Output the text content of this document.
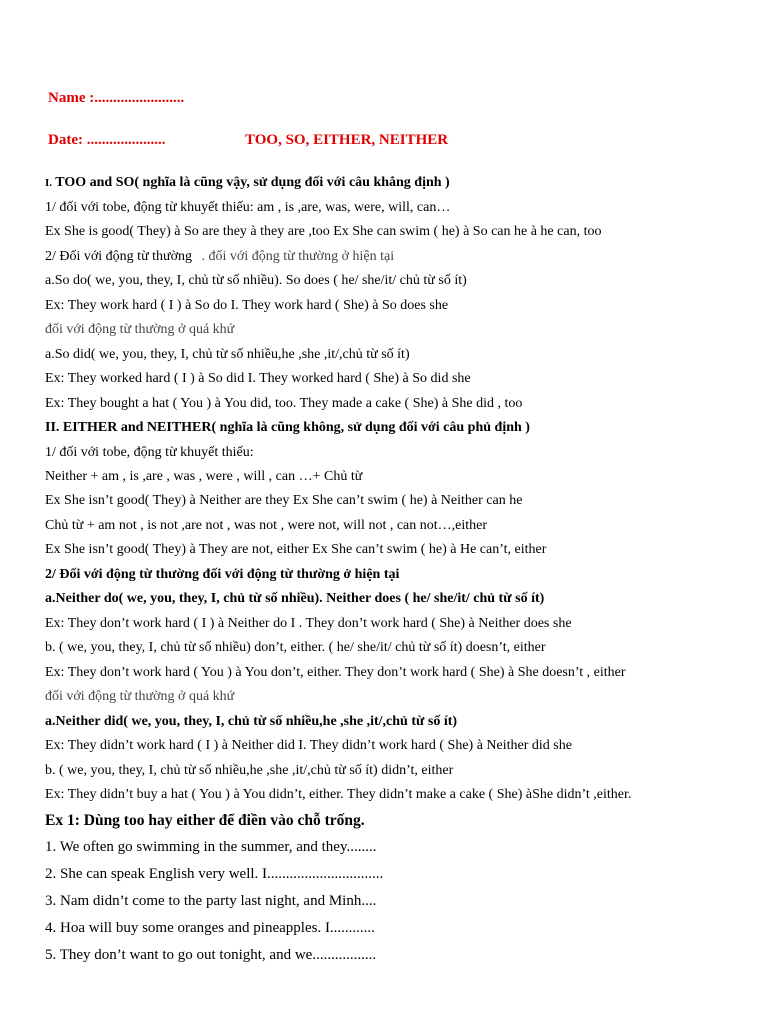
Name :........................
Date: .....................	TOO, SO, EITHER, NEITHER
I. TOO and SO( nghĩa là cũng vậy, sử dụng đối với câu khẳng định )
1/ đối với tobe, động từ khuyết thiếu: am , is ,are, was, were, will, can…
Ex She is good( They) à So are they à they are ,too Ex She can swim ( he) à So can he à he can, too
2/ Đối với động từ thường . đối với động từ thường ở hiện tại
a.So do( we, you, they, I, chủ từ số nhiều). So does ( he/ she/it/ chủ từ số ít)
Ex: They work hard ( I ) à So do I. They work hard ( She) à So does she
đối với động từ thường ở quá khứ
a.So did( we, you, they, I, chủ từ số nhiều,he ,she ,it/,chủ từ số ít)
Ex: They worked hard ( I ) à So did I. They worked hard ( She) à So did she
Ex: They bought a hat ( You ) à You did, too. They made a cake ( She) à She did , too
II. EITHER and NEITHER( nghĩa là cũng không, sử dụng đối với câu phủ định )
1/ đối với tobe, động từ khuyết thiếu:
Neither + am , is ,are , was , were , will , can …+ Chủ từ
Ex She isn’t good( They) à Neither are they Ex She can’t swim ( he) à Neither can he
Chủ từ + am not , is not ,are not , was not , were not, will not , can not…,either
Ex She isn’t good( They) à They are not, either Ex She can’t swim ( he) à He can’t, either
2/ Đối với động từ thường đối với động từ thường ở hiện tại
a.Neither do( we, you, they, I, chủ từ số nhiều). Neither does ( he/ she/it/ chủ từ số ít)
Ex: They don’t work hard ( I ) à Neither do I . They don’t work hard ( She) à Neither does she
b. ( we, you, they, I, chủ từ số nhiều) don’t, either. ( he/ she/it/ chủ từ số ít) doesn’t, either
Ex: They don’t work hard ( You ) à You don’t, either. They don’t work hard ( She) à She doesn’t , either
đối với động từ thường ở quá khứ
a.Neither did( we, you, they, I, chủ từ số nhiều,he ,she ,it/,chủ từ số ít)
Ex: They didn’t work hard ( I ) à Neither did I. They didn’t work hard ( She) à Neither did she
b. ( we, you, they, I, chủ từ số nhiều,he ,she ,it/,chủ từ số ít) didn’t, either
Ex: They didn’t buy a hat ( You ) à You didn’t, either. They didn’t make a cake ( She) àShe didn’t ,either.
Ex 1: Dùng too hay either để điền vào chỗ trống.
1. We often go swimming in the summer, and they........
2. She can speak English very well. I...............................
3. Nam didn’t come to the party last night, and Minh....
4. Hoa will buy some oranges and pineapples. I............
5. They don’t want to go out tonight, and we.................
